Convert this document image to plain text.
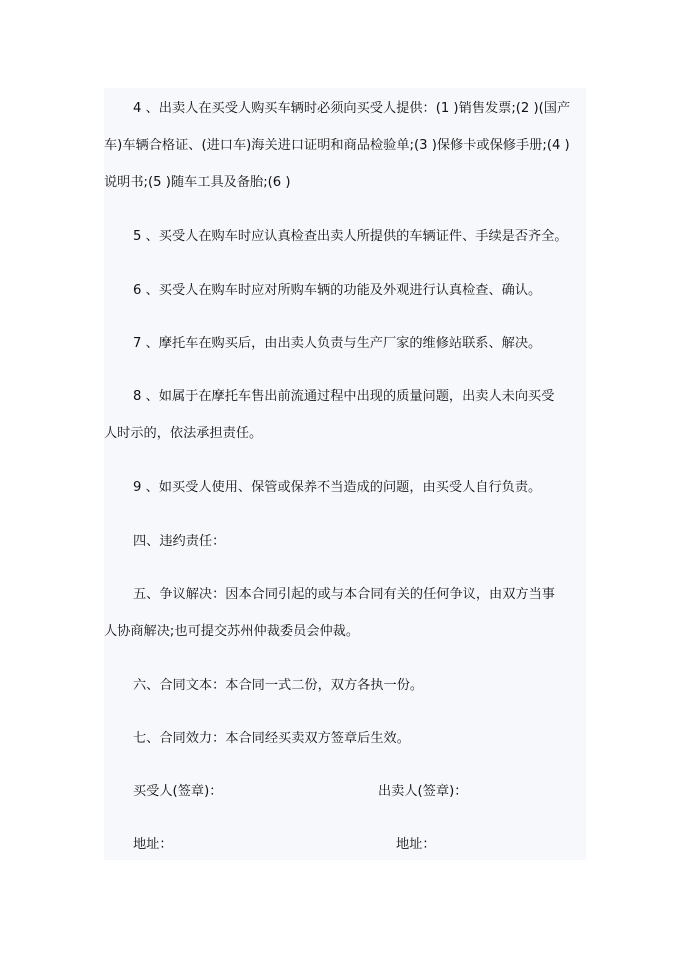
4 、出卖人在买受人购买车辆时必须向买受人提供：(1 )销售发票;(2 )(国产
车)车辆合格证、(进口车)海关进口证明和商品检验单;(3 )保修卡或保修手册;(4 )
说明书;(5 )随车工具及备胎;(6 )
5 、买受人在购车时应认真检查出卖人所提供的车辆证件、手续是否齐全。
6 、买受人在购车时应对所购车辆的功能及外观进行认真检查、确认。
7 、摩托车在购买后，由出卖人负责与生产厂家的维修站联系、解决。
8 、如属于在摩托车售出前流通过程中出现的质量问题，出卖人未向买受
人时示的，依法承担责任。
9 、如买受人使用、保管或保养不当造成的问题，由买受人自行负责。
四、违约责任：
五、争议解决：因本合同引起的或与本合同有关的任何争议，由双方当事
人协商解决;也可提交苏州仲裁委员会仲裁。
六、合同文本：本合同一式二份，双方各执一份。
七、合同效力：本合同经买卖双方签章后生效。
买受人(签章)：	出卖人(签章)：
地址：	地址：
